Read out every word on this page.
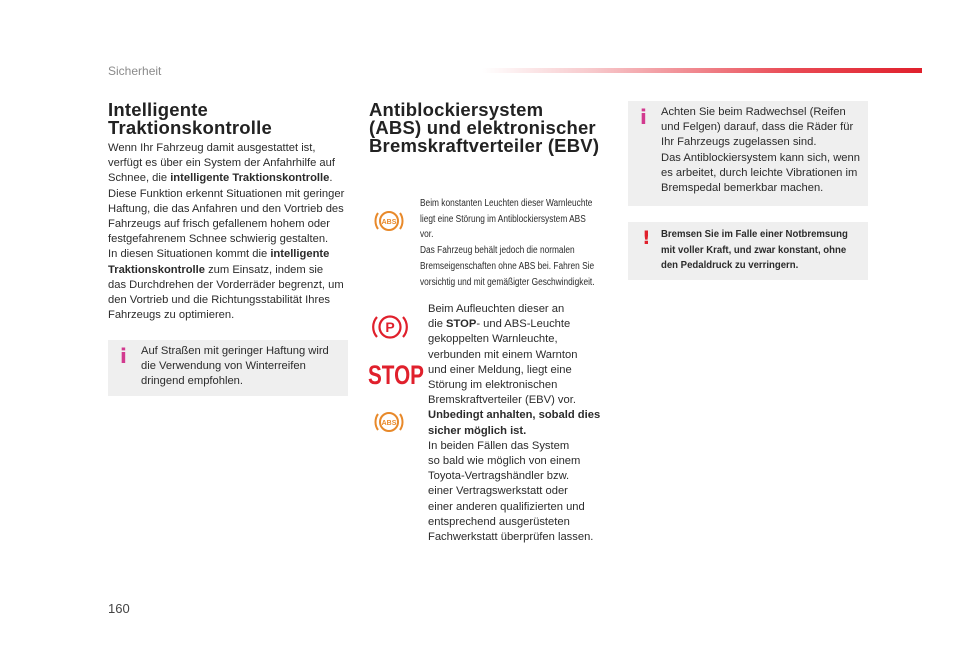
Sicherheit
Intelligente
Traktionskontrolle
Wenn Ihr Fahrzeug damit ausgestattet ist,
verfügt es über ein System der Anfahrhilfe auf
Schnee, die intelligente Traktionskontrolle.
Diese Funktion erkennt Situationen mit geringer
Haftung, die das Anfahren und den Vortrieb des
Fahrzeugs auf frisch gefallenem hohem oder
festgefahrenem Schnee schwierig gestalten.
In diesen Situationen kommt die intelligente
Traktionskontrolle zum Einsatz, indem sie
das Durchdrehen der Vorderräder begrenzt, um
den Vortrieb und die Richtungsstabilität Ihres
Fahrzeugs zu optimieren.
i Auf Straßen mit geringer Haftung wird
die Verwendung von Winterreifen
dringend empfohlen.
Antiblockiersystem
(ABS) und elektronischer
Bremskraftverteiler (EBV)
ABS
Beim konstanten Leuchten dieser Warnleuchte
liegt eine Störung im Antiblockiersystem ABS
vor.
Das Fahrzeug behält jedoch die normalen
Bremseigenschaften ohne ABS bei. Fahren Sie
vorsichtig und mit gemäßigter Geschwindigkeit.
P
STOP
ABS
Beim Aufleuchten dieser an
die STOP- und ABS-Leuchte
gekoppelten Warnleuchte,
verbunden mit einem Warnton
und einer Meldung, liegt eine
Störung im elektronischen
Bremskraftverteiler (EBV) vor.
Unbedingt anhalten, sobald dies
sicher möglich ist.
In beiden Fällen das System
so bald wie möglich von einem
Toyota-Vertragshändler bzw.
einer Vertragswerkstatt oder
einer anderen qualifizierten und
entsprechend ausgerüsteten
Fachwerkstatt überprüfen lassen.
i Achten Sie beim Radwechsel (Reifen
und Felgen) darauf, dass die Räder für
Ihr Fahrzeugs zugelassen sind.
Das Antiblockiersystem kann sich, wenn
es arbeitet, durch leichte Vibrationen im
Bremspedal bemerkbar machen.
! Bremsen Sie im Falle einer Notbremsung
mit voller Kraft, und zwar konstant, ohne
den Pedaldruck zu verringern.
160
